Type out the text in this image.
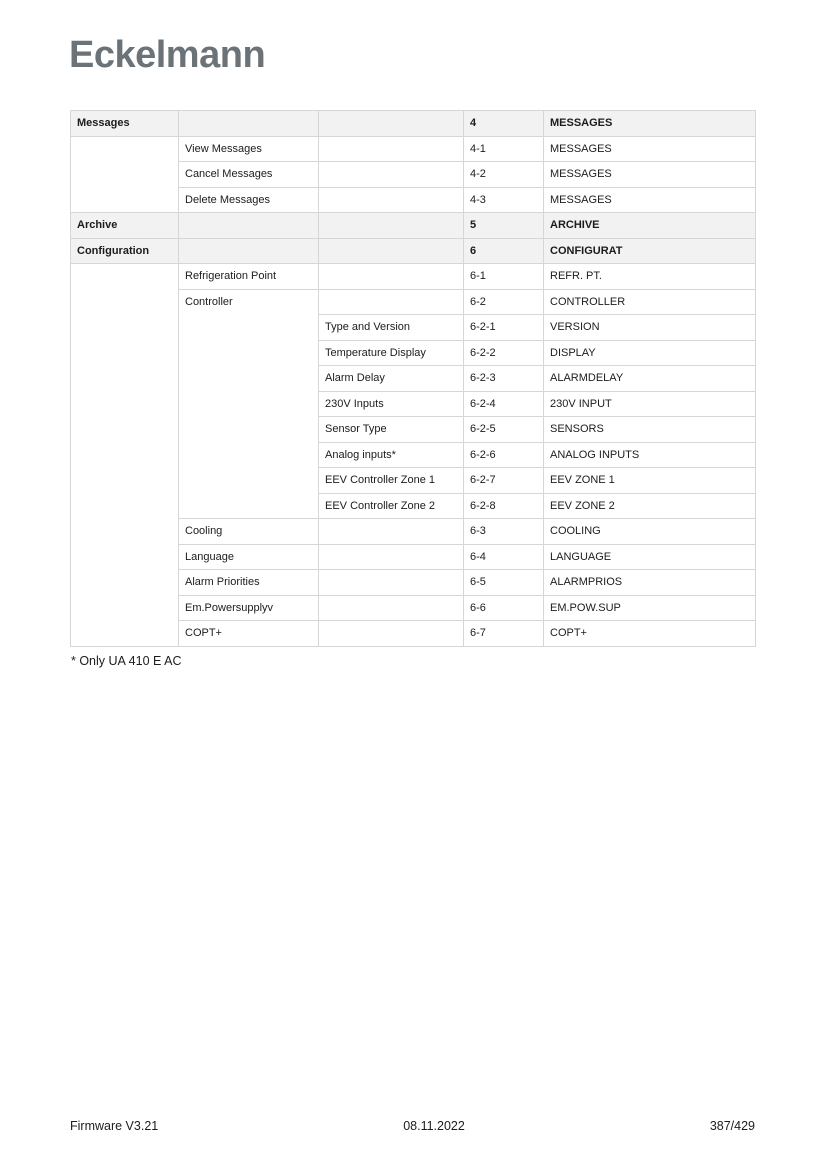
Eckelmann
Messages			4	MESSAGES
	View Messages		4-1	MESSAGES
	Cancel Messages		4-2	MESSAGES
	Delete Messages		4-3	MESSAGES
Archive			5	ARCHIVE
Configuration			6	CONFIGURAT
	Refrigeration Point		6-1	REFR. PT.
	Controller		6-2	CONTROLLER
		Type and Version	6-2-1	VERSION
		Temperature Display	6-2-2	DISPLAY
		Alarm Delay	6-2-3	ALARMDELAY
		230V Inputs	6-2-4	230V INPUT
		Sensor Type	6-2-5	SENSORS
		Analog inputs*	6-2-6	ANALOG INPUTS
		EEV Controller Zone 1	6-2-7	EEV ZONE 1
		EEV Controller Zone 2	6-2-8	EEV ZONE 2
	Cooling		6-3	COOLING
	Language		6-4	LANGUAGE
	Alarm Priorities		6-5	ALARMPRIOS
	Em.Powersupplyv		6-6	EM.POW.SUP
	COPT+		6-7	COPT+
* Only UA 410 E AC
Firmware V3.21	08.11.2022	387/429
